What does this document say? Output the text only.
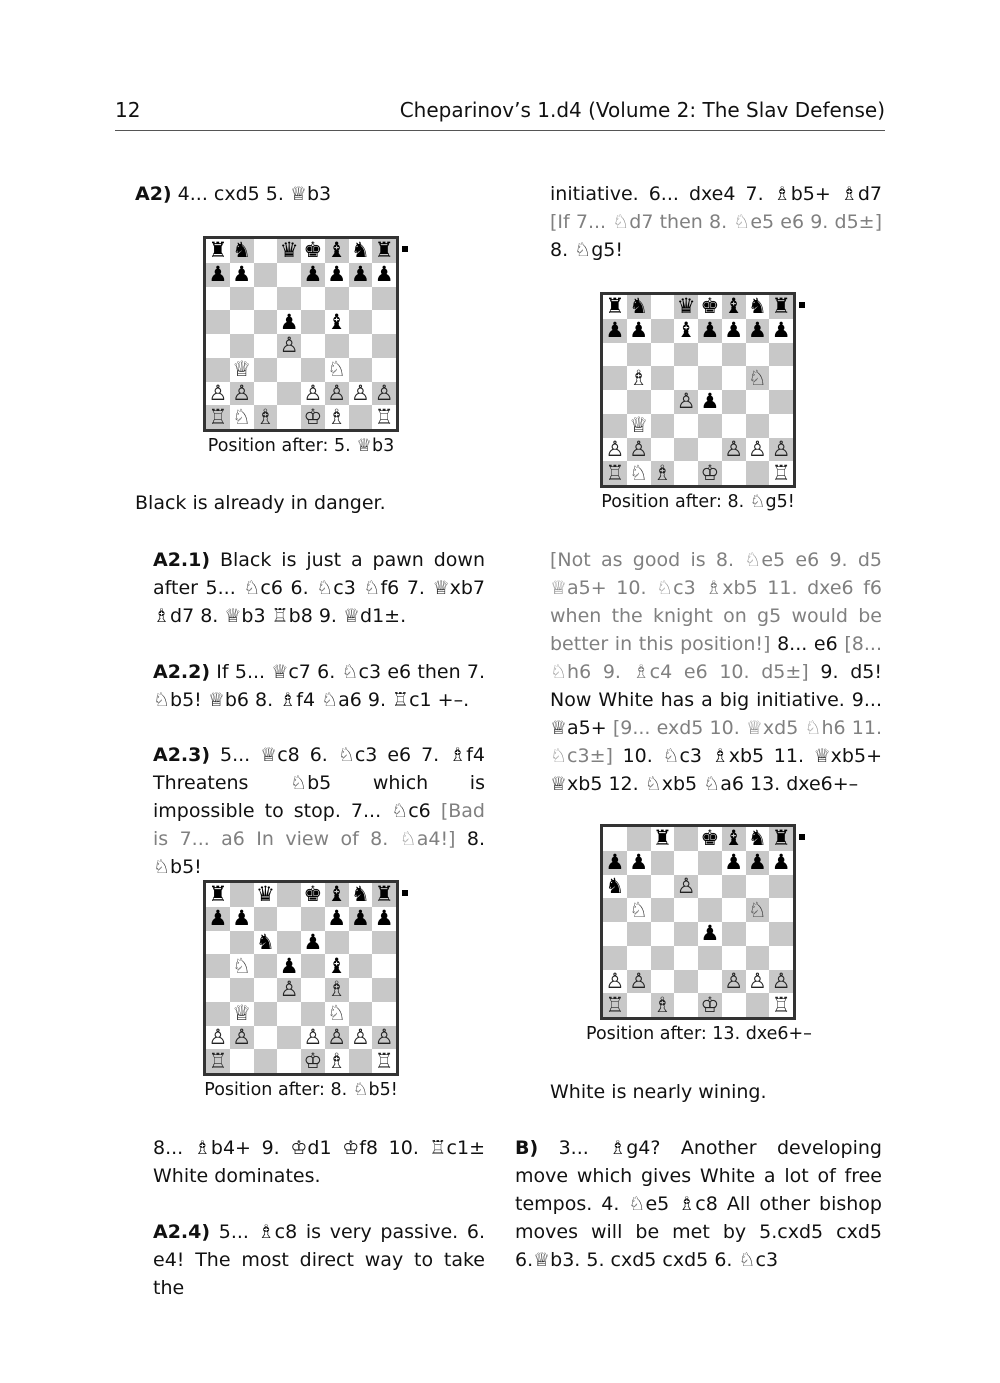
12	Cheparinov’s 1.d4 (Volume 2: The Slav Defense)

A2) 4... cxd5 5. ♕b3

♜ ♞ ♛ ♚ ♝ ♞ ♜
♟ ♟ ♟ ♟ ♟ ♟
♟ ♝
♙
♕	♘
♙ ♙ ♙ ♙ ♙ ♙
♖ ♘ ♗ ♔ ♗ ♖
Position after: 5. ♕b3

Black is already in danger.

A2.1) Black is just a pawn down after 5... ♘c6 6. ♘c3 ♘f6 7. ♕xb7 ♗d7 8. ♕b3 ♖b8 9. ♕d1±.

A2.2) If 5... ♕c7 6. ♘c3 e6 then 7. ♘b5! ♕b6 8. ♗f4 ♘a6 9. ♖c1 +–.

A2.3) 5... ♕c8 6. ♘c3 e6 7. ♗f4 Threatens ♘b5 which is impossible to stop. 7... ♘c6 [Bad is 7... a6 In view of 8. ♘a4!] 8. ♘b5!

♜ ♛ ♚ ♝ ♞ ♜
♟ ♟	♟ ♟ ♟
♞ ♟
♘ ♟ ♝
♙ ♗
♕	♘
♙ ♙ ♙ ♙ ♙ ♙
♖	♔ ♗ ♖
Position after: 8. ♘b5!

8... ♗b4+ 9. ♔d1 ♔f8 10. ♖c1± White dominates.

A2.4) 5... ♗c8 is very passive. 6. e4! The most direct way to take the

initiative. 6... dxe4 7. ♗b5+ ♗d7 [If 7... ♘d7 then 8. ♘e5 e6 9. d5±] 8. ♘g5!

♜ ♞ ♛ ♚ ♝ ♞ ♜
♟ ♟ ♝ ♟ ♟ ♟ ♟
♗	♘
♙ ♟
♕
♙ ♙	♙ ♙ ♙
♖ ♘ ♗ ♔ ♖
Position after: 8. ♘g5!

[Not as good is 8. ♘e5 e6 9. d5 ♕a5+ 10. ♘c3 ♗xb5 11. dxe6 f6 when the knight on g5 would be better in this position!] 8... e6 [8... ♘h6 9. ♗c4 e6 10. d5±] 9. d5! Now White has a big initiative. 9... ♕a5+ [9... exd5 10. ♕xd5 ♘h6 11. ♘c3±] 10. ♘c3 ♗xb5 11. ♕xb5+ ♕xb5 12. ♘xb5 ♘a6 13. dxe6+–

♜ ♚ ♝ ♞ ♜
♟ ♟	♟ ♟ ♟
♞ ♙
♘	♘
♟
♙ ♙	♙ ♙ ♙
♖ ♗ ♔ ♖
Position after: 13. dxe6+–

White is nearly wining.

B) 3... ♗g4? Another developing move which gives White a lot of free tempos. 4. ♘e5 ♗c8 All other bishop moves will be met by 5.cxd5 cxd5 6.♕b3. 5. cxd5 cxd5 6. ♘c3
